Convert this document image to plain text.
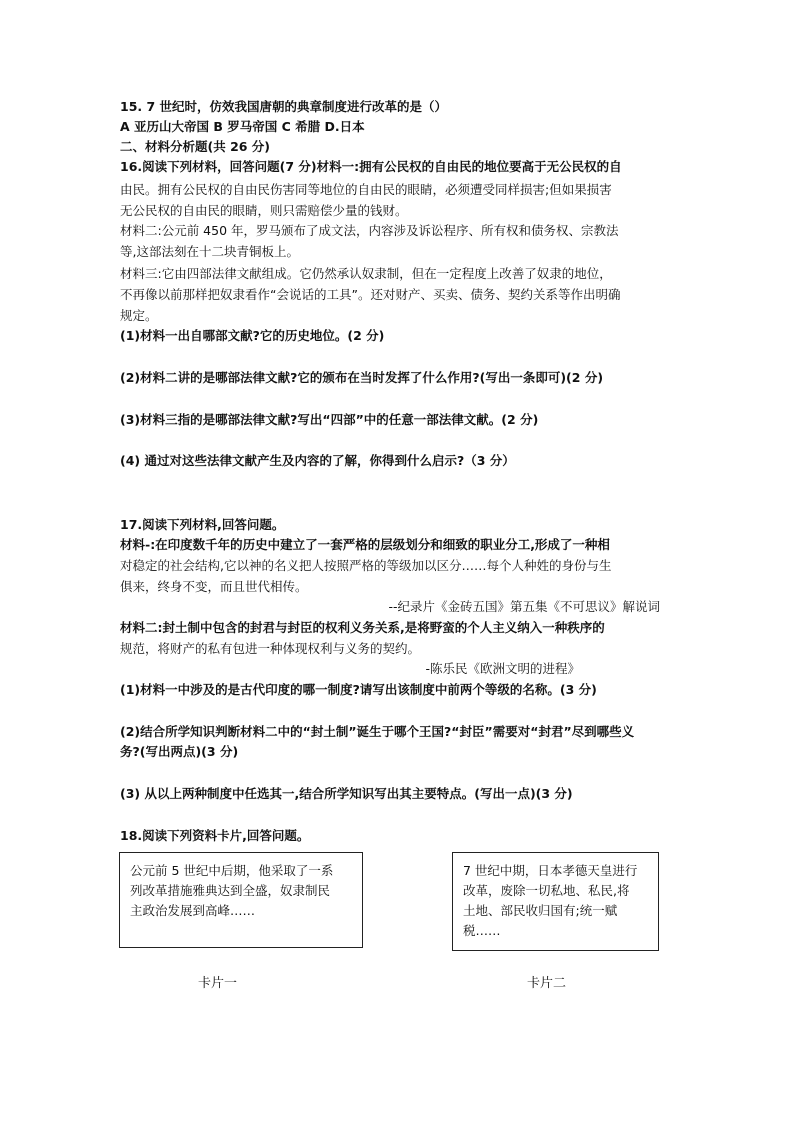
15. 7 世纪时，仿效我国唐朝的典章制度进行改革的是（）
A 亚历山大帝国 B 罗马帝国 C 希腊 D.日本
二、材料分析题(共 26 分)
16.阅读下列材料，回答问题(7 分)材料一:拥有公民权的自由民的地位要高于无公民权的自
由民。拥有公民权的自由民伤害同等地位的自由民的眼睛，必须遭受同样损害;但如果损害
无公民权的自由民的眼睛，则只需赔偿少量的钱财。
材料二:公元前 450 年，罗马颁布了成文法，内容涉及诉讼程序、所有权和债务权、宗教法
等,这部法刻在十二块青铜板上。
材料三:它由四部法律文献组成。它仍然承认奴隶制，但在一定程度上改善了奴隶的地位，
不再像以前那样把奴隶看作“会说话的工具”。还对财产、买卖、债务、契约关系等作出明确
规定。
(1)材料一出自哪部文献?它的历史地位。(2 分)
(2)材料二讲的是哪部法律文献?它的颁布在当时发挥了什么作用?(写出一条即可)(2 分)
(3)材料三指的是哪部法律文献?写出“四部”中的任意一部法律文献。(2 分)
(4) 通过对这些法律文献产生及内容的了解，你得到什么启示?（3 分）
17.阅读下列材料,回答问题。
材料-:在印度数千年的历史中建立了一套严格的层级划分和细致的职业分工,形成了一种相
对稳定的社会结构,它以神的名义把人按照严格的等级加以区分……每个人种姓的身份与生
俱来，终身不变，而且世代相传。
--纪录片《金砖五国》第五集《不可思议》解说词
材料二:封土制中包含的封君与封臣的权利义务关系,是将野蛮的个人主义纳入一种秩序的
规范，将财产的私有包进一种体现权利与义务的契约。
-陈乐民《欧洲文明的进程》
(1)材料一中涉及的是古代印度的哪一制度?请写出该制度中前两个等级的名称。(3 分)
(2)结合所学知识判断材料二中的“封土制”诞生于哪个王国?“封臣”需要对“封君”尽到哪些义
务?(写出两点)(3 分)
(3) 从以上两种制度中任选其一,结合所学知识写出其主要特点。(写出一点)(3 分)
18.阅读下列资料卡片,回答问题。

公元前 5 世纪中后期，他采取了一系

列改革措施雅典达到全盛，奴隶制民

主政治发展到高峰……

7 世纪中期，日本孝德天皇进行

改革，废除一切私地、私民,将

土地、部民收归国有;统一赋

税……

卡片一	卡片二
